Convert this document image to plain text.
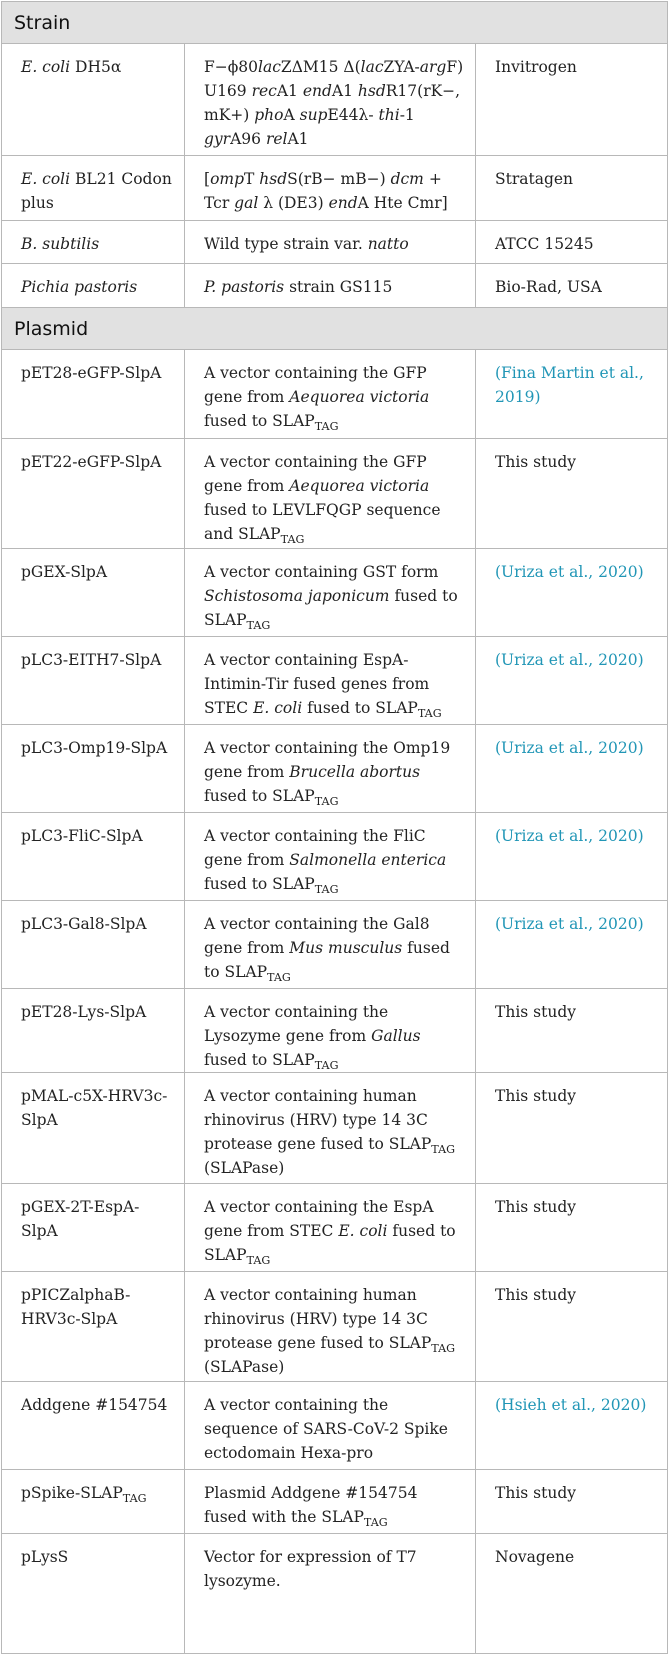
Strain		
E. coli DH5α	F−ϕ80lacZΔM15 Δ(lacZYA-argF) U169 recA1 endA1 hsdR17(rK−, mK+) phoA supE44λ- thi-1 gyrA96 relA1	Invitrogen
E. coli BL21 Codon plus	[ompT hsdS(rB− mB−) dcm + Tcr gal λ (DE3) endA Hte Cmr]	Stratagen
B. subtilis	Wild type strain var. natto	ATCC 15245
Pichia pastoris	P. pastoris strain GS115	Bio-Rad, USA
Plasmid		
pET28-eGFP-SlpA	A vector containing the GFP gene from Aequorea victoria fused to $SLAP_{TAG}$	(Fina Martin et al., 2019)
pET22-eGFP-SlpA	A vector containing the GFP gene from Aequorea victoria fused to LEVLFQGP sequence and $SLAP_{TAG}$	This study
pGEX-SlpA	A vector containing GST form Schistosoma japonicum fused to $SLAP_{TAG}$	(Uriza et al., 2020)
pLC3-EITH7-SlpA	A vector containing EspA-Intimin-Tir fused genes from STEC E. coli fused to $SLAP_{TAG}$	(Uriza et al., 2020)
pLC3-Omp19-SlpA	A vector containing the Omp19 gene from Brucella abortus fused to $SLAP_{TAG}$	(Uriza et al., 2020)
pLC3-FliC-SlpA	A vector containing the FliC gene from Salmonella enterica fused to $SLAP_{TAG}$	(Uriza et al., 2020)
pLC3-Gal8-SlpA	A vector containing the Gal8 gene from Mus musculus fused to $SLAP_{TAG}$	(Uriza et al., 2020)
pET28-Lys-SlpA	A vector containing the Lysozyme gene from Gallus fused to $SLAP_{TAG}$	This study
pMAL-c5X-HRV3c-SlpA	A vector containing human rhinovirus (HRV) type 14 3C protease gene fused to $SLAP_{TAG}$ (SLAPase)	This study
pGEX-2T-EspA-SlpA	A vector containing the EspA gene from STEC E. coli fused to $SLAP_{TAG}$	This study
pPICZalphaB-HRV3c-SlpA	A vector containing human rhinovirus (HRV) type 14 3C protease gene fused to $SLAP_{TAG}$ (SLAPase)	This study
Addgene #154754	A vector containing the sequence of SARS-CoV-2 Spike ectodomain Hexa-pro	(Hsieh et al., 2020)
pSpike-$SLAP_{TAG}$	Plasmid Addgene #154754 fused with the $SLAP_{TAG}$	This study
pLysS	Vector for expression of T7 lysozyme.	Novagene
